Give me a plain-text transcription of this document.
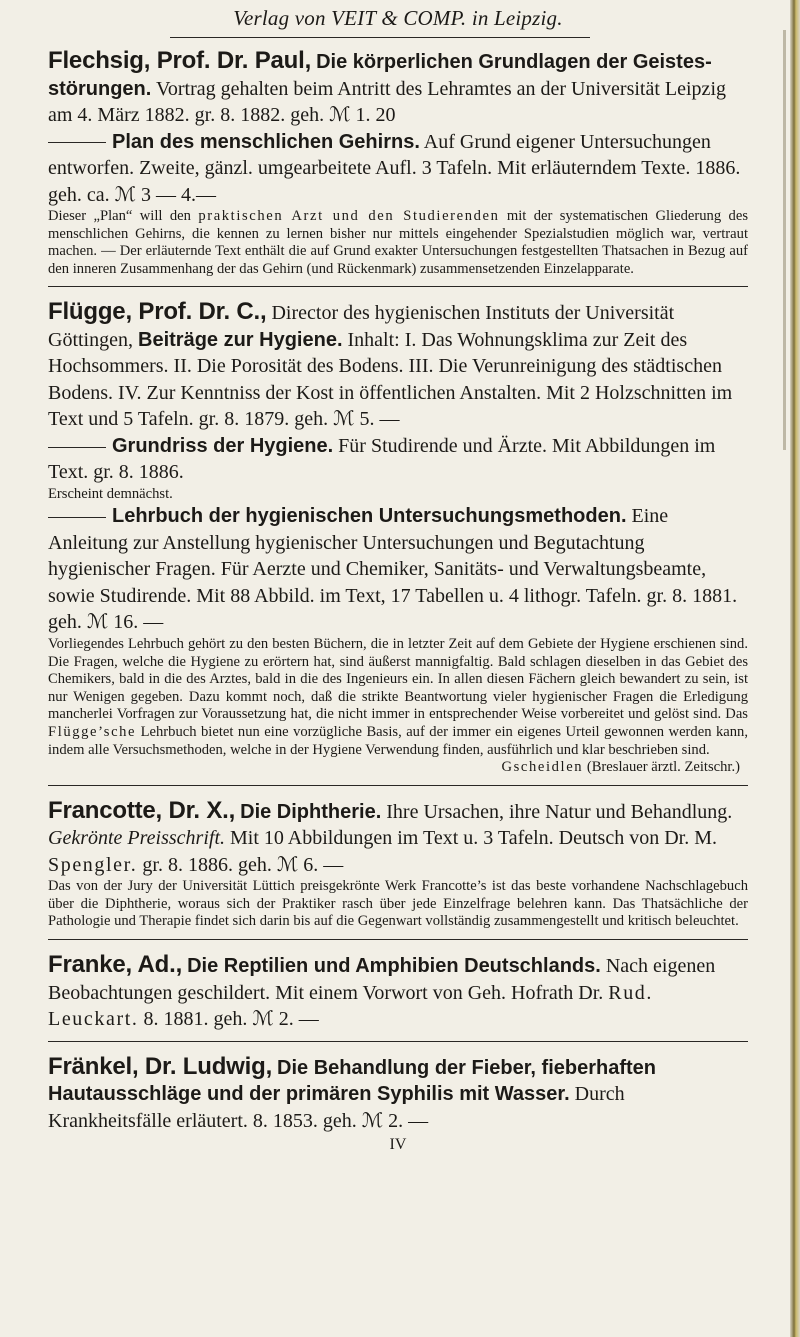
Verlag von VEIT & COMP. in Leipzig.

Flechsig, Prof. Dr. Paul, Die körperlichen Grundlagen der Geistes-störungen. Vortrag gehalten beim Antritt des Lehramtes an der Universität Leipzig am 4. März 1882. gr. 8. 1882. geh. ℳ 1. 20

Plan des menschlichen Gehirns. Auf Grund eigener Untersuchungen entworfen. Zweite, gänzl. umgearbeitete Aufl. 3 Tafeln. Mit erläuterndem Texte. 1886. geh. ca. ℳ 3 — 4.—

Dieser „Plan“ will den praktischen Arzt und den Studierenden mit der systematischen Gliederung des menschlichen Gehirns, die kennen zu lernen bisher nur mittels eingehender Spezialstudien möglich war, vertraut machen. — Der erläuternde Text enthält die auf Grund exakter Untersuchungen festgestellten Thatsachen in Bezug auf den inneren Zusammenhang der das Gehirn (und Rückenmark) zusammensetzenden Einzelapparate.

Flügge, Prof. Dr. C., Director des hygienischen Instituts der Universität Göttingen, Beiträge zur Hygiene. Inhalt: I. Das Wohnungsklima zur Zeit des Hochsommers. II. Die Porosität des Bodens. III. Die Verunreinigung des städtischen Bodens. IV. Zur Kenntniss der Kost in öffentlichen Anstalten. Mit 2 Holzschnitten im Text und 5 Tafeln. gr. 8. 1879. geh. ℳ 5. —

Grundriss der Hygiene. Für Studirende und Ärzte. Mit Abbildungen im Text. gr. 8. 1886.

Erscheint demnächst.

Lehrbuch der hygienischen Untersuchungsmethoden. Eine Anleitung zur Anstellung hygienischer Untersuchungen und Begutachtung hygienischer Fragen. Für Aerzte und Chemiker, Sanitäts- und Verwaltungsbeamte, sowie Studirende. Mit 88 Abbild. im Text, 17 Tabellen u. 4 lithogr. Tafeln. gr. 8. 1881. geh. ℳ 16. —

Vorliegendes Lehrbuch gehört zu den besten Büchern, die in letzter Zeit auf dem Gebiete der Hygiene erschienen sind. Die Fragen, welche die Hygiene zu erörtern hat, sind äußerst mannigfaltig. Bald schlagen dieselben in das Gebiet des Chemikers, bald in die des Arztes, bald in die des Ingenieurs ein. In allen diesen Fächern gleich bewandert zu sein, ist nur Wenigen gegeben. Dazu kommt noch, daß die strikte Beantwortung vieler hygienischer Fragen die Erledigung mancherlei Vorfragen zur Voraussetzung hat, die nicht immer in entsprechender Weise vorbereitet und gelöst sind. Das Flügge’sche Lehrbuch bietet nun eine vorzügliche Basis, auf der immer ein eigenes Urteil gewonnen werden kann, indem alle Versuchsmethoden, welche in der Hygiene Verwendung finden, ausführlich und klar beschrieben sind.

Gscheidlen (Breslauer ärztl. Zeitschr.)

Francotte, Dr. X., Die Diphtherie. Ihre Ursachen, ihre Natur und Behandlung. Gekrönte Preisschrift. Mit 10 Abbildungen im Text u. 3 Tafeln. Deutsch von Dr. M. Spengler. gr. 8. 1886. geh. ℳ 6. —

Das von der Jury der Universität Lüttich preisgekrönte Werk Francotte’s ist das beste vorhandene Nachschlagebuch über die Diphtherie, woraus sich der Praktiker rasch über jede Einzelfrage belehren kann. Das Thatsächliche der Pathologie und Therapie findet sich darin bis auf die Gegenwart vollständig zusammengestellt und kritisch beleuchtet.

Franke, Ad., Die Reptilien und Amphibien Deutschlands. Nach eigenen Beobachtungen geschildert. Mit einem Vorwort von Geh. Hofrath Dr. Rud. Leuckart. 8. 1881. geh. ℳ 2. —

Fränkel, Dr. Ludwig, Die Behandlung der Fieber, fieberhaften Hautausschläge und der primären Syphilis mit Wasser. Durch Krankheitsfälle erläutert. 8. 1853. geh. ℳ 2. —

IV
